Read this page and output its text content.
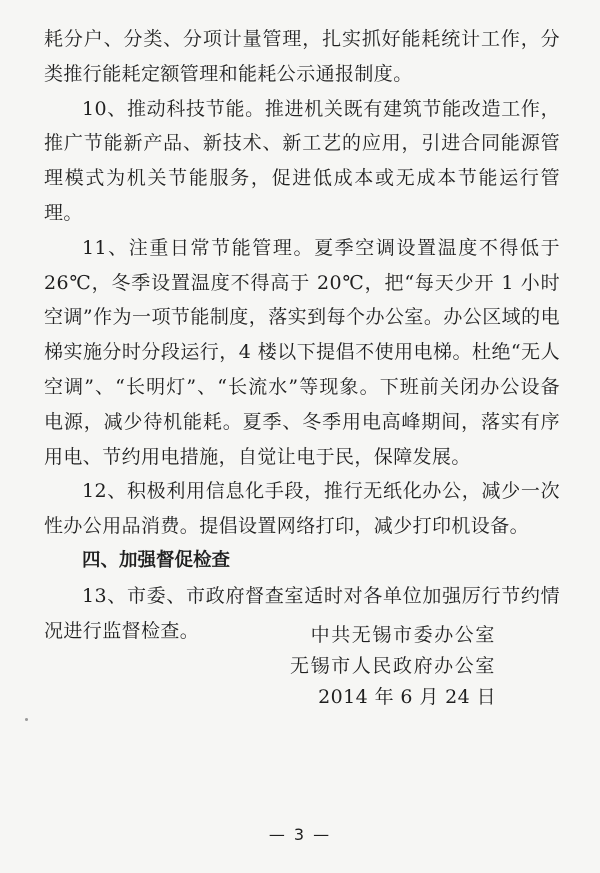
耗分户、分类、分项计量管理，扎实抓好能耗统计工作，分类推行能耗定额管理和能耗公示通报制度。

10、推动科技节能。推进机关既有建筑节能改造工作，推广节能新产品、新技术、新工艺的应用，引进合同能源管理模式为机关节能服务，促进低成本或无成本节能运行管理。

11、注重日常节能管理。夏季空调设置温度不得低于 26℃，冬季设置温度不得高于 20℃，把“每天少开 1 小时空调”作为一项节能制度，落实到每个办公室。办公区域的电梯实施分时分段运行，4 楼以下提倡不使用电梯。杜绝“无人空调”、“长明灯”、“长流水”等现象。下班前关闭办公设备电源，减少待机能耗。夏季、冬季用电高峰期间，落实有序用电、节约用电措施，自觉让电于民，保障发展。

12、积极利用信息化手段，推行无纸化办公，减少一次性办公用品消费。提倡设置网络打印，减少打印机设备。

四、加强督促检查

13、市委、市政府督查室适时对各单位加强厉行节约情况进行监督检查。	中共无锡市委办公室
无锡市人民政府办公室
2014 年 6 月 24 日
— 3 —
